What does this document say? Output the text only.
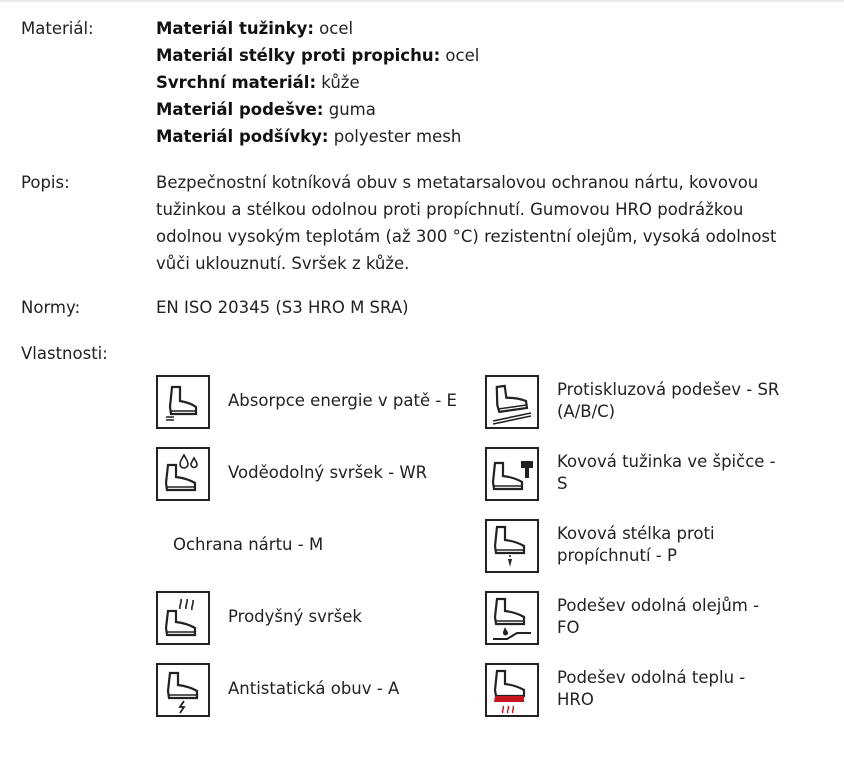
Materiál:	Materiál tužinky: ocel
Materiál stélky proti propichu: ocel
Svrchní materiál: kůže
Materiál podešve: guma
Materiál podšívky: polyester mesh
Popis:	Bezpečnostní kotníková obuv s metatarsalovou ochranou nártu, kovovou
tužinkou a stélkou odolnou proti propíchnutí. Gumovou HRO podrážkou
odolnou vysokým teplotám (až 300 °C) rezistentní olejům, vysoká odolnost
vůči uklouznutí. Svršek z kůže.
Normy:	EN ISO 20345 (S3 HRO M SRA)
Vlastnosti:
Absorpce energie v patě - E
Voděodolný svršek - WR
Ochrana nártu - M
Prodyšný svršek
Antistatická obuv - A
Protiskluzová podešev - SR
(A/B/C)
Kovová tužinka ve špičce -
S
Kovová stélka proti
propíchnutí - P
Podešev odolná olejům -
FO
Podešev odolná teplu -
HRO
